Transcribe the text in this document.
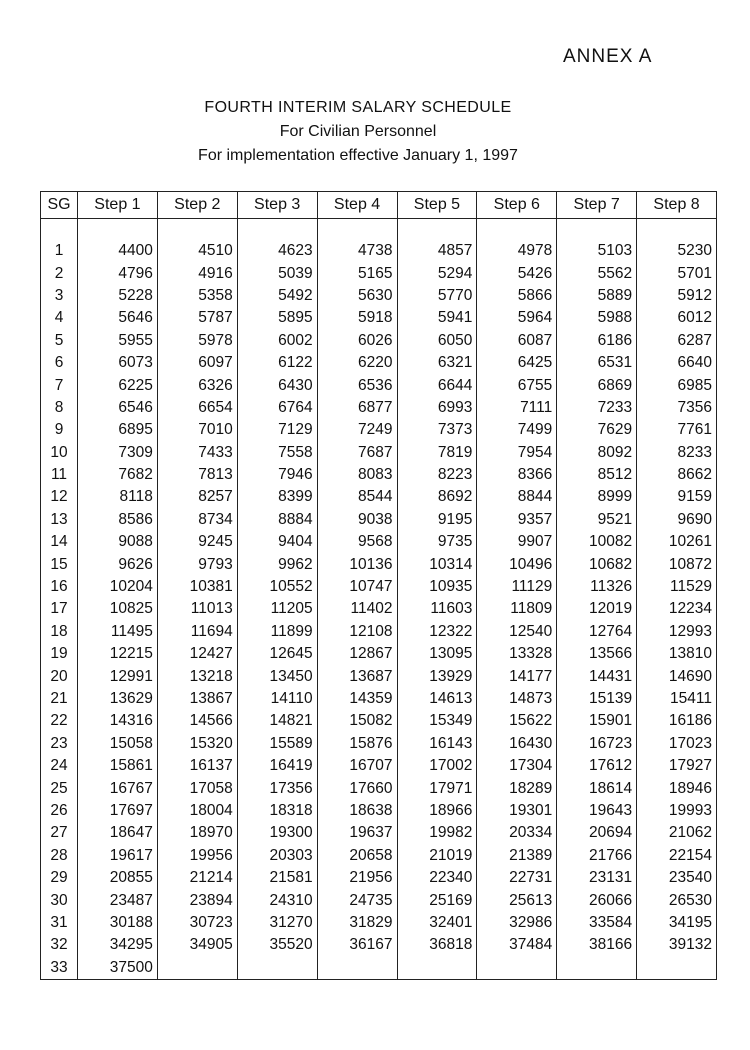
ANNEX A
FOURTH INTERIM SALARY SCHEDULE
For Civilian Personnel
For implementation effective January 1, 1997
SG	Step 1	Step 2	Step 3	Step 4	Step 5	Step 6	Step 7	Step 8

1	4400	4510	4623	4738	4857	4978	5103	5230
2	4796	4916	5039	5165	5294	5426	5562	5701
3	5228	5358	5492	5630	5770	5866	5889	5912
4	5646	5787	5895	5918	5941	5964	5988	6012
5	5955	5978	6002	6026	6050	6087	6186	6287
6	6073	6097	6122	6220	6321	6425	6531	6640
7	6225	6326	6430	6536	6644	6755	6869	6985
8	6546	6654	6764	6877	6993	7111	7233	7356
9	6895	7010	7129	7249	7373	7499	7629	7761
10	7309	7433	7558	7687	7819	7954	8092	8233
11	7682	7813	7946	8083	8223	8366	8512	8662
12	8118	8257	8399	8544	8692	8844	8999	9159
13	8586	8734	8884	9038	9195	9357	9521	9690
14	9088	9245	9404	9568	9735	9907	10082	10261
15	9626	9793	9962	10136	10314	10496	10682	10872
16	10204	10381	10552	10747	10935	11129	11326	11529
17	10825	11013	11205	11402	11603	11809	12019	12234
18	11495	11694	11899	12108	12322	12540	12764	12993
19	12215	12427	12645	12867	13095	13328	13566	13810
20	12991	13218	13450	13687	13929	14177	14431	14690
21	13629	13867	14110	14359	14613	14873	15139	15411
22	14316	14566	14821	15082	15349	15622	15901	16186
23	15058	15320	15589	15876	16143	16430	16723	17023
24	15861	16137	16419	16707	17002	17304	17612	17927
25	16767	17058	17356	17660	17971	18289	18614	18946
26	17697	18004	18318	18638	18966	19301	19643	19993
27	18647	18970	19300	19637	19982	20334	20694	21062
28	19617	19956	20303	20658	21019	21389	21766	22154
29	20855	21214	21581	21956	22340	22731	23131	23540
30	23487	23894	24310	24735	25169	25613	26066	26530
31	30188	30723	31270	31829	32401	32986	33584	34195
32	34295	34905	35520	36167	36818	37484	38166	39132
33	37500							
